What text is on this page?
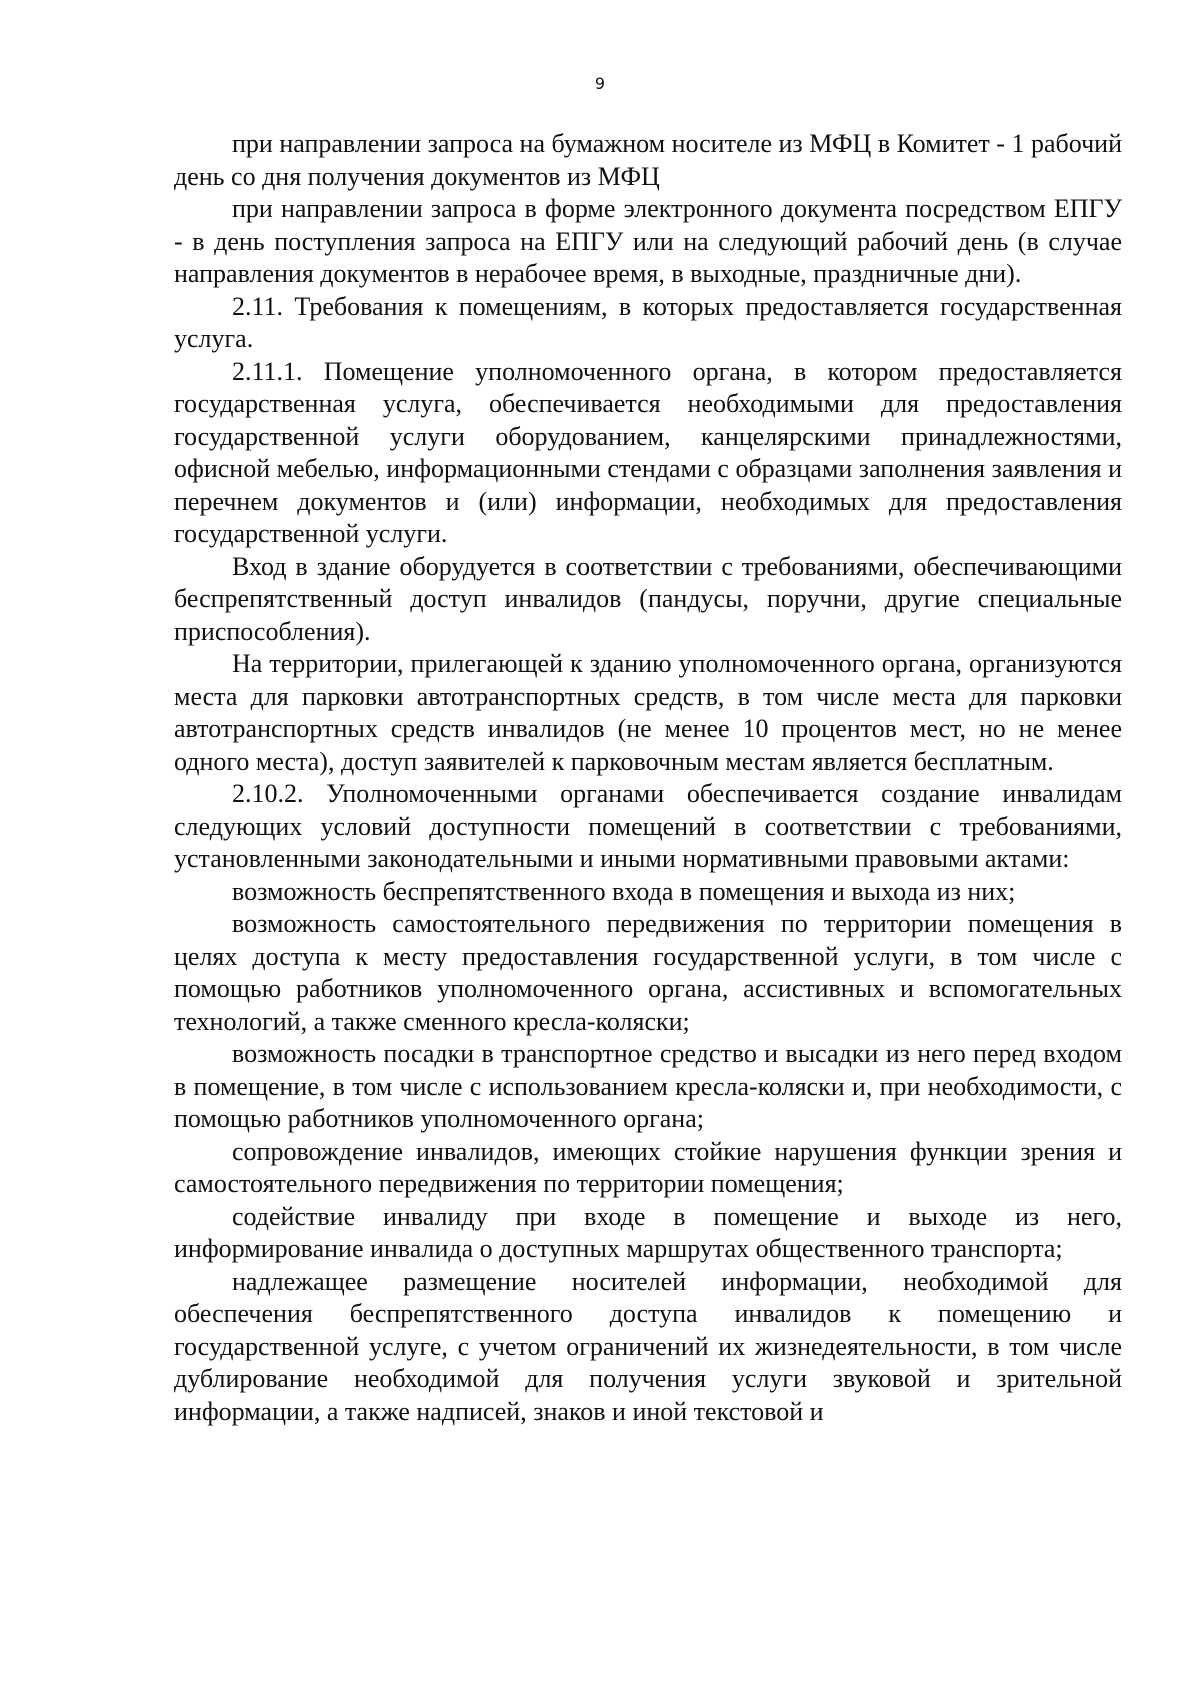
9

при направлении запроса на бумажном носителе из МФЦ в Комитет - 1 рабочий день со дня получения документов из МФЦ

при направлении запроса в форме электронного документа посредством ЕПГУ - в день поступления запроса на ЕПГУ или на следующий рабочий день (в случае направления документов в нерабочее время, в выходные, праздничные дни).

2.11. Требования к помещениям, в которых предоставляется государственная услуга.

2.11.1. Помещение уполномоченного органа, в котором предоставляется государственная услуга, обеспечивается необходимыми для предоставления государственной услуги оборудованием, канцелярскими принадлежностями, офисной мебелью, информационными стендами с образцами заполнения заявления и перечнем документов и (или) информации, необходимых для предоставления государственной услуги.

Вход в здание оборудуется в соответствии с требованиями, обеспечивающими беспрепятственный доступ инвалидов (пандусы, поручни, другие специальные приспособления).

На территории, прилегающей к зданию уполномоченного органа, организуются места для парковки автотранспортных средств, в том числе места для парковки автотранспортных средств инвалидов (не менее 10 процентов мест, но не менее одного места), доступ заявителей к парковочным местам является бесплатным.

2.10.2. Уполномоченными органами обеспечивается создание инвалидам следующих условий доступности помещений в соответствии с требованиями, установленными законодательными и иными нормативными правовыми актами:

возможность беспрепятственного входа в помещения и выхода из них;

возможность самостоятельного передвижения по территории помещения в целях доступа к месту предоставления государственной услуги, в том числе с помощью работников уполномоченного органа, ассистивных и вспомогательных технологий, а также сменного кресла-коляски;

возможность посадки в транспортное средство и высадки из него перед входом в помещение, в том числе с использованием кресла-коляски и, при необходимости, с помощью работников уполномоченного органа;

сопровождение инвалидов, имеющих стойкие нарушения функции зрения и самостоятельного передвижения по территории помещения;

содействие инвалиду при входе в помещение и выходе из него, информирование инвалида о доступных маршрутах общественного транспорта;

надлежащее размещение носителей информации, необходимой для обеспечения беспрепятственного доступа инвалидов к помещению и государственной услуге, с учетом ограничений их жизнедеятельности, в том числе дублирование необходимой для получения услуги звуковой и зрительной информации, а также надписей, знаков и иной текстовой и
